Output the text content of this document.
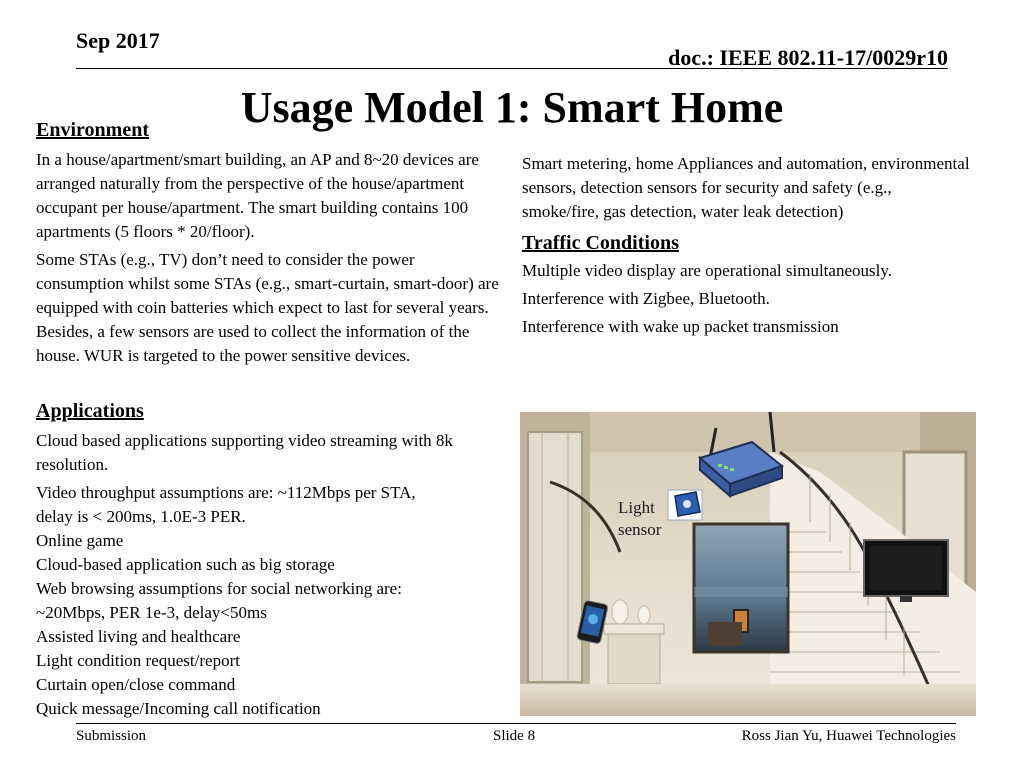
Sep 2017
doc.: IEEE 802.11-17/0029r10
Usage Model 1: Smart Home
Environment

In a house/apartment/smart building, an AP and 8~20 devices are arranged naturally from the perspective of the house/apartment occupant per house/apartment. The smart building contains 100 apartments (5 floors * 20/floor).

Some STAs (e.g., TV) don’t need to consider the power consumption whilst some STAs (e.g., smart-curtain, smart-door) are equipped with coin batteries which expect to last for several years. Besides, a few sensors are used to collect the information of the house. WUR is targeted to the power sensitive devices.

Applications

Cloud based applications supporting video streaming with 8k resolution.

Video throughput assumptions are: ~112Mbps per STA,
delay is < 200ms, 1.0E-3 PER.
Online game
Cloud-based application such as big storage
Web browsing assumptions for social networking are:
~20Mbps, PER 1e-3, delay<50ms
Assisted living and healthcare
Light condition request/report
Curtain open/close command
Quick message/Incoming call notification

Smart metering, home Appliances and automation, environmental sensors, detection sensors for security and safety (e.g., smoke/fire, gas detection, water leak detection)

Traffic Conditions
Multiple video display are operational simultaneously.
Interference with Zigbee, Bluetooth.
Interference with wake up packet transmission
Light
sensor
Submission	Slide 8	Ross Jian Yu, Huawei Technologies
